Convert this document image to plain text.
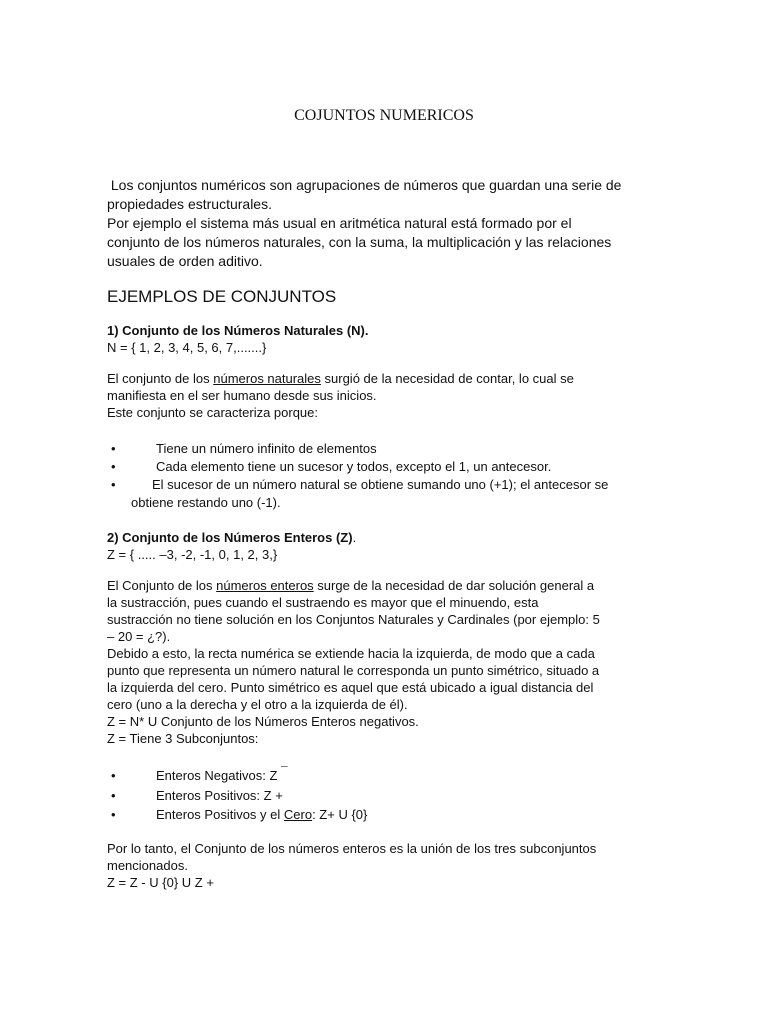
COJUNTOS NUMERICOS
Los conjuntos numéricos son agrupaciones de números que guardan una serie de
propiedades estructurales.
Por ejemplo el sistema más usual en aritmética natural está formado por el
conjunto de los números naturales, con la suma, la multiplicación y las relaciones
usuales de orden aditivo.
EJEMPLOS DE CONJUNTOS
1) Conjunto de los Números Naturales (N).
N = { 1, 2, 3, 4, 5, 6, 7,.......}
El conjunto de los números naturales surgió de la necesidad de contar, lo cual se
manifiesta en el ser humano desde sus inicios.
Este conjunto se caracteriza porque:
•	Tiene un número infinito de elementos
•	Cada elemento tiene un sucesor y todos, excepto el 1, un antecesor.
•	El sucesor de un número natural se obtiene sumando uno (+1); el antecesor se
obtiene restando uno (-1).
2) Conjunto de los Números Enteros (Z).
Z = { ..... –3, -2, -1, 0, 1, 2, 3,}
El Conjunto de los números enteros surge de la necesidad de dar solución general a
la sustracción, pues cuando el sustraendo es mayor que el minuendo, esta
sustracción no tiene solución en los Conjuntos Naturales y Cardinales (por ejemplo: 5
– 20 = ¿?).
Debido a esto, la recta numérica se extiende hacia la izquierda, de modo que a cada
punto que representa un número natural le corresponda un punto simétrico, situado a
la izquierda del cero. Punto simétrico es aquel que está ubicado a igual distancia del
cero (uno a la derecha y el otro a la izquierda de él).
Z = N* U Conjunto de los Números Enteros negativos.
Z = Tiene 3 Subconjuntos:
•	Enteros Negativos: Z ¯
•	Enteros Positivos: Z +
•	Enteros Positivos y el Cero: Z+ U {0}
Por lo tanto, el Conjunto de los números enteros es la unión de los tres subconjuntos
mencionados.
Z = Z - U {0} U Z +
